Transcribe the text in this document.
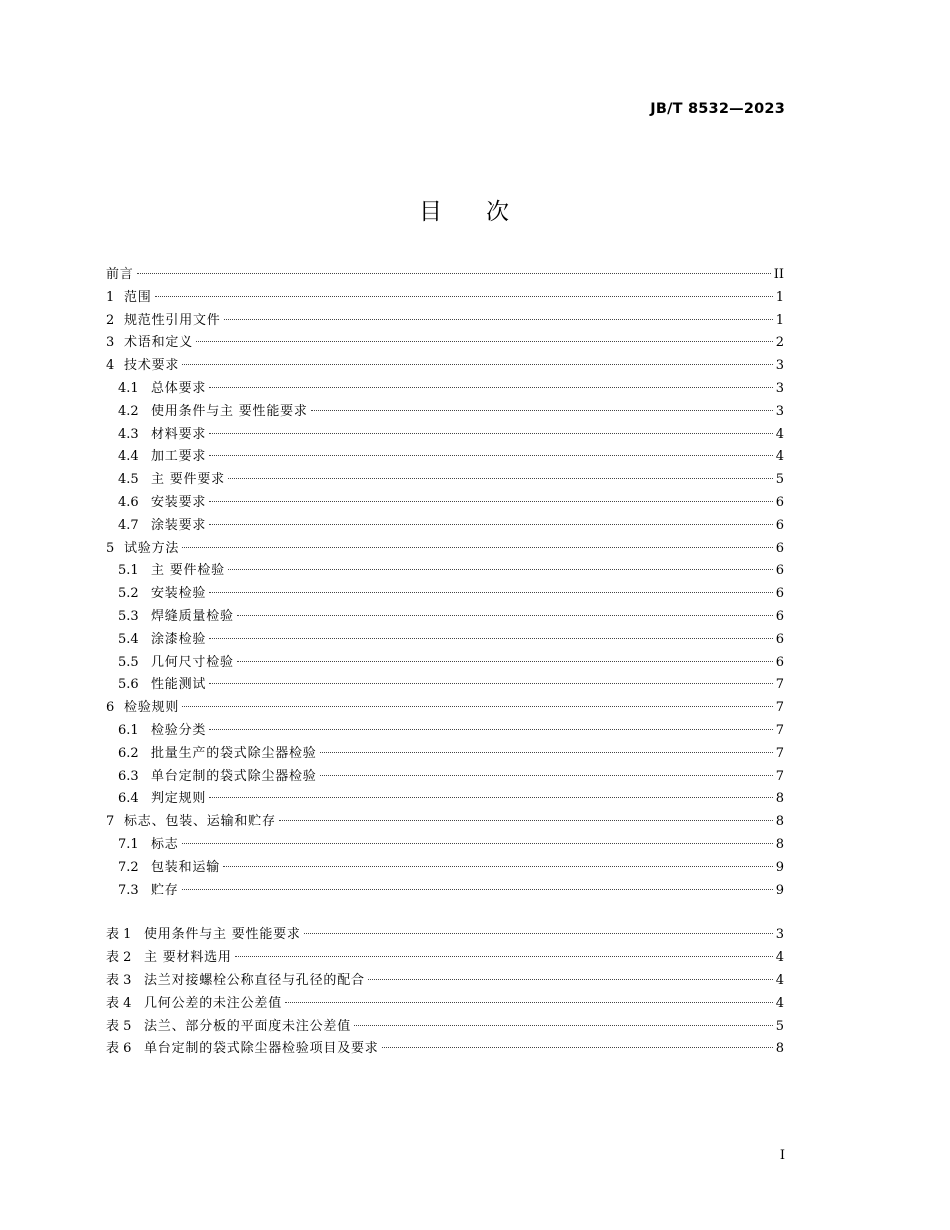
JB/T 8532—2023
目次
前言	II
1 范围	1
2 规范性引用文件	1
3 术语和定义	2
4 技术要求	3
4.1 总体要求	3
4.2 使用条件与主 要性能要求	3
4.3 材料要求	4
4.4 加工要求	4
4.5 主 要件要求	5
4.6 安装要求	6
4.7 涂装要求	6
5 试验方法	6
5.1 主 要件检验	6
5.2 安装检验	6
5.3 焊缝质量检验	6
5.4 涂漆检验	6
5.5 几何尺寸检验	6
5.6 性能测试	7
6 检验规则	7
6.1 检验分类	7
6.2 批量生产的袋式除尘器检验	7
6.3 单台定制的袋式除尘器检验	7
6.4 判定规则	8
7 标志、包装、运输和贮存	8
7.1 标志	8
7.2 包装和运输	9
7.3 贮存	9
表 1 使用条件与主 要性能要求	3
表 2 主 要材料选用	4
表 3 法兰对接螺栓公称直径与孔径的配合	4
表 4 几何公差的未注公差值	4
表 5 法兰、部分板的平面度未注公差值	5
表 6 单台定制的袋式除尘器检验项目及要求	8
I
